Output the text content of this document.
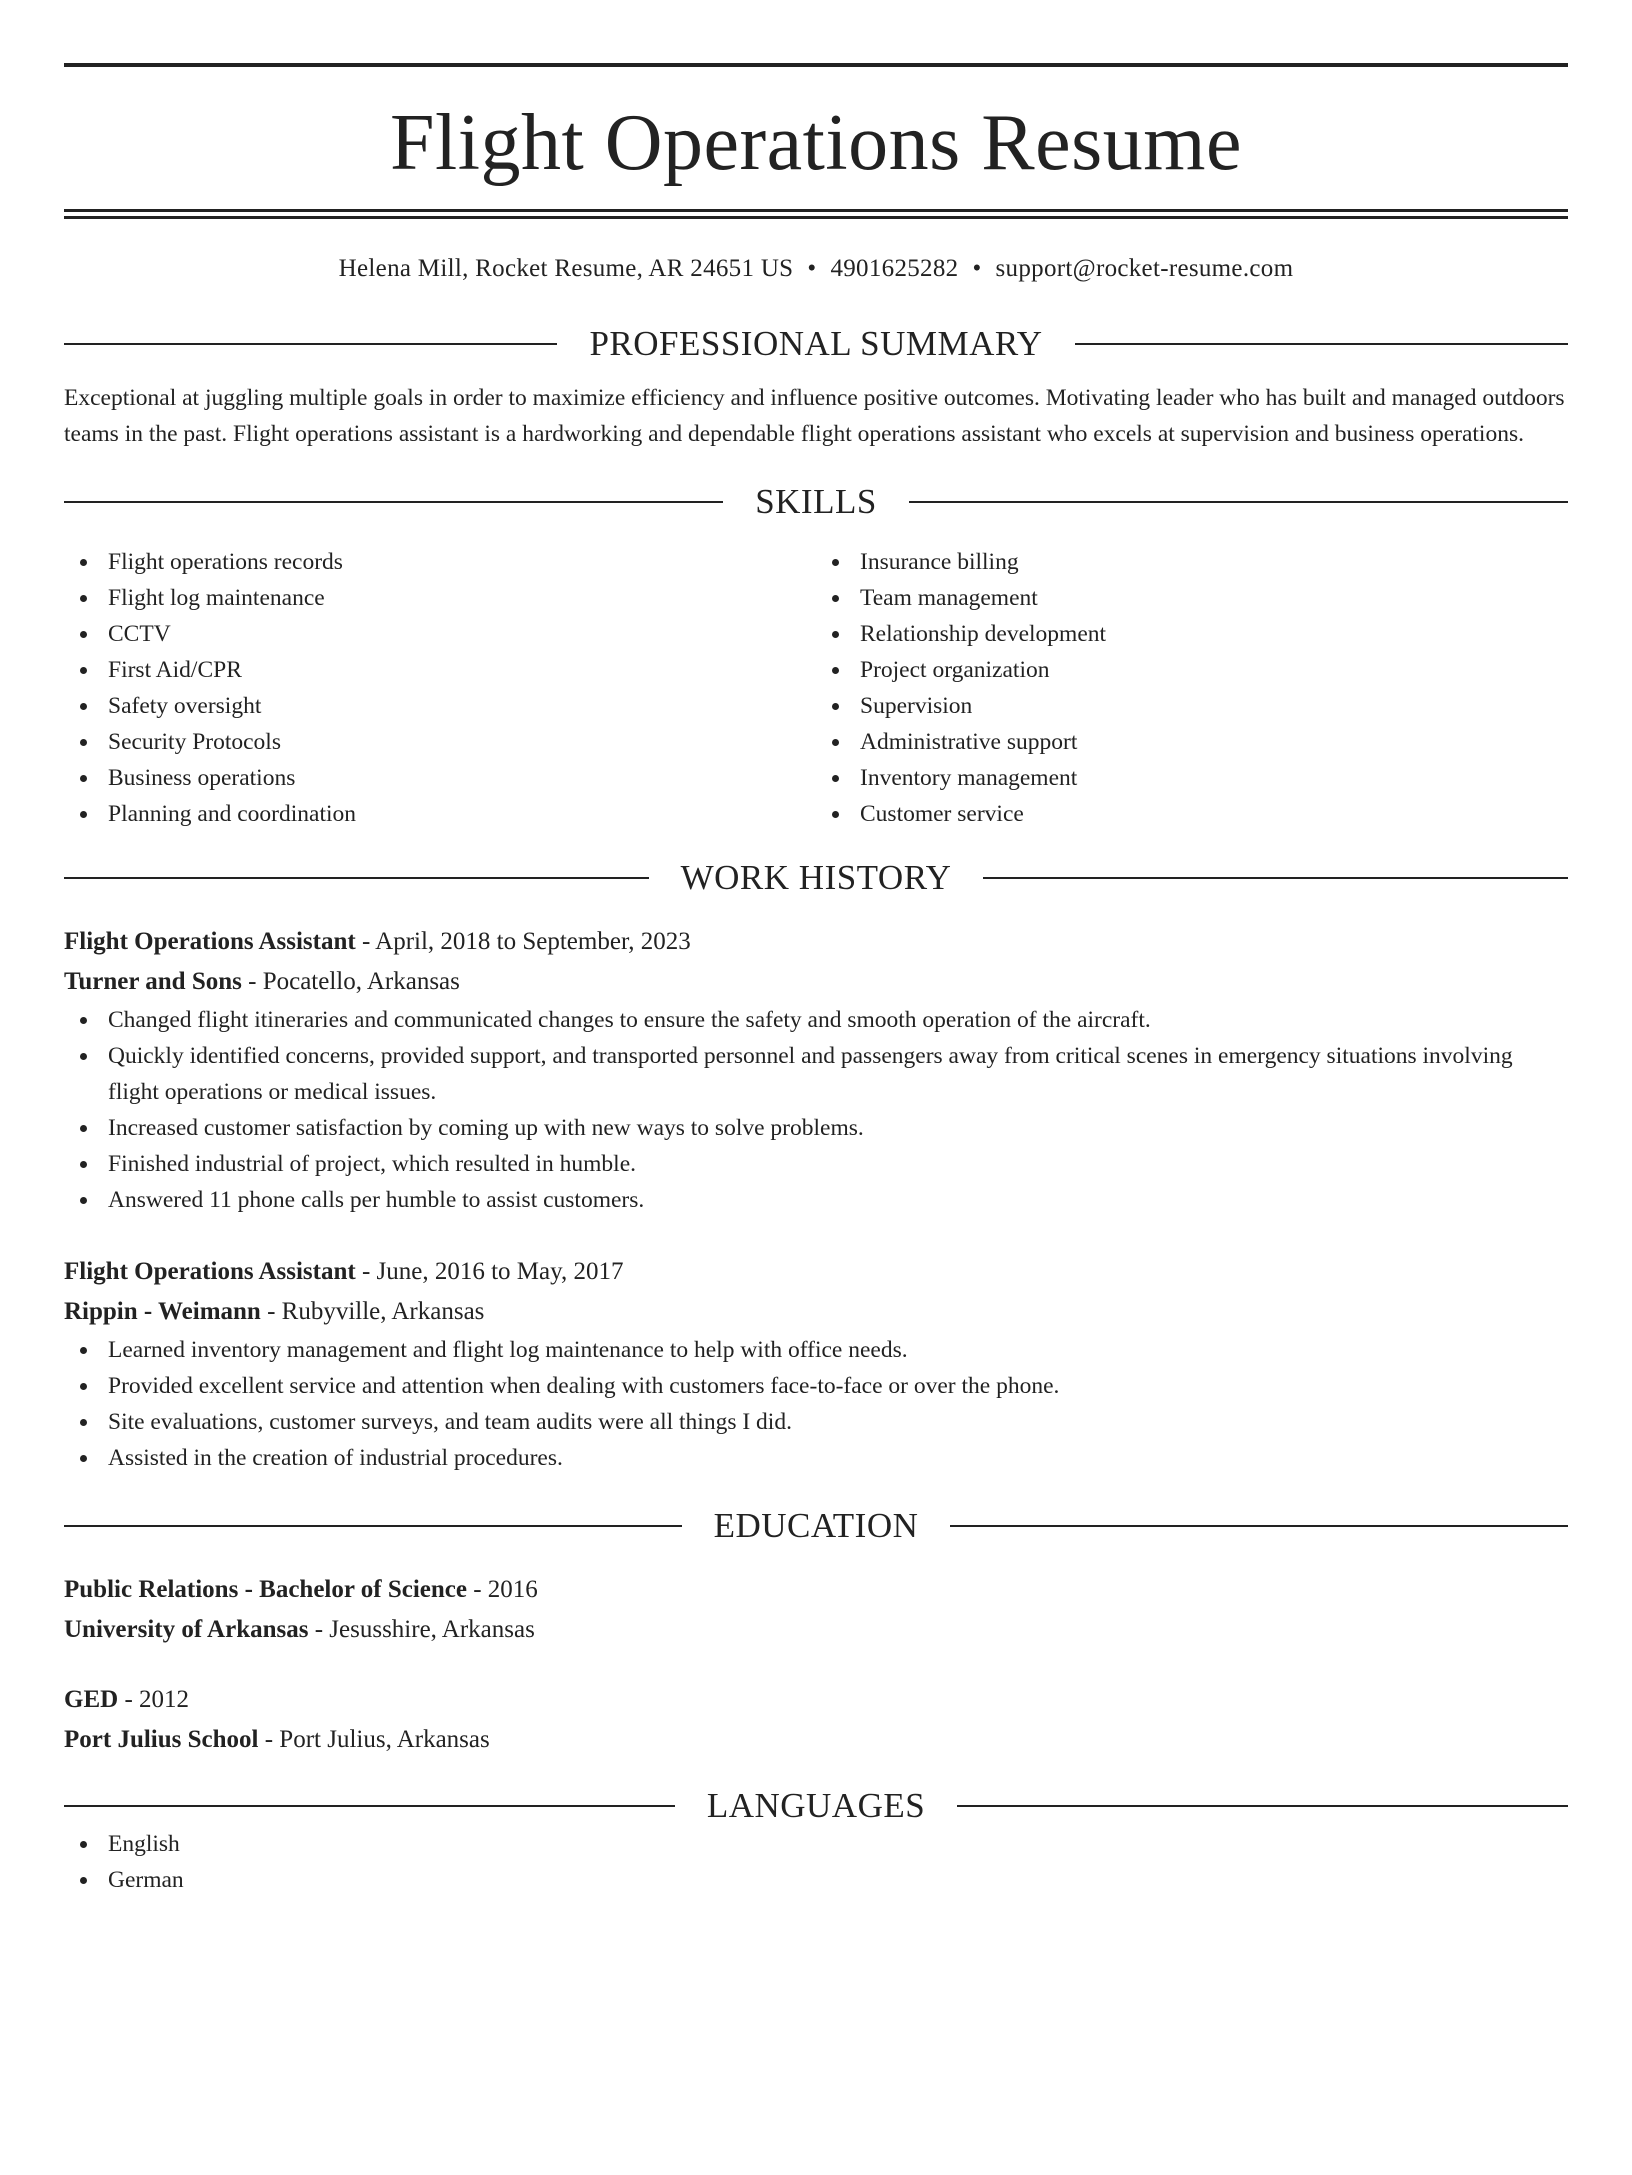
Flight Operations Resume
Helena Mill, Rocket Resume, AR 24651 US • 4901625282 • support@rocket-resume.com
PROFESSIONAL SUMMARY

Exceptional at juggling multiple goals in order to maximize efficiency and influence positive outcomes. Motivating leader who has built and managed outdoors teams in the past. Flight operations assistant is a hardworking and dependable flight operations assistant who excels at supervision and business operations.

SKILLS
Flight operations records
Flight log maintenance
CCTV
First Aid/CPR
Safety oversight
Security Protocols
Business operations
Planning and coordination
Insurance billing
Team management
Relationship development
Project organization
Supervision
Administrative support
Inventory management
Customer service
WORK HISTORY
Flight Operations Assistant - April, 2018 to September, 2023
Turner and Sons - Pocatello, Arkansas
Changed flight itineraries and communicated changes to ensure the safety and smooth operation of the aircraft.
Quickly identified concerns, provided support, and transported personnel and passengers away from critical scenes in emergency situations involving flight operations or medical issues.
Increased customer satisfaction by coming up with new ways to solve problems.
Finished industrial of project, which resulted in humble.
Answered 11 phone calls per humble to assist customers.
Flight Operations Assistant - June, 2016 to May, 2017
Rippin - Weimann - Rubyville, Arkansas
Learned inventory management and flight log maintenance to help with office needs.
Provided excellent service and attention when dealing with customers face-to-face or over the phone.
Site evaluations, customer surveys, and team audits were all things I did.
Assisted in the creation of industrial procedures.
EDUCATION
Public Relations - Bachelor of Science - 2016
University of Arkansas - Jesusshire, Arkansas
GED - 2012
Port Julius School - Port Julius, Arkansas
LANGUAGES
English
German
